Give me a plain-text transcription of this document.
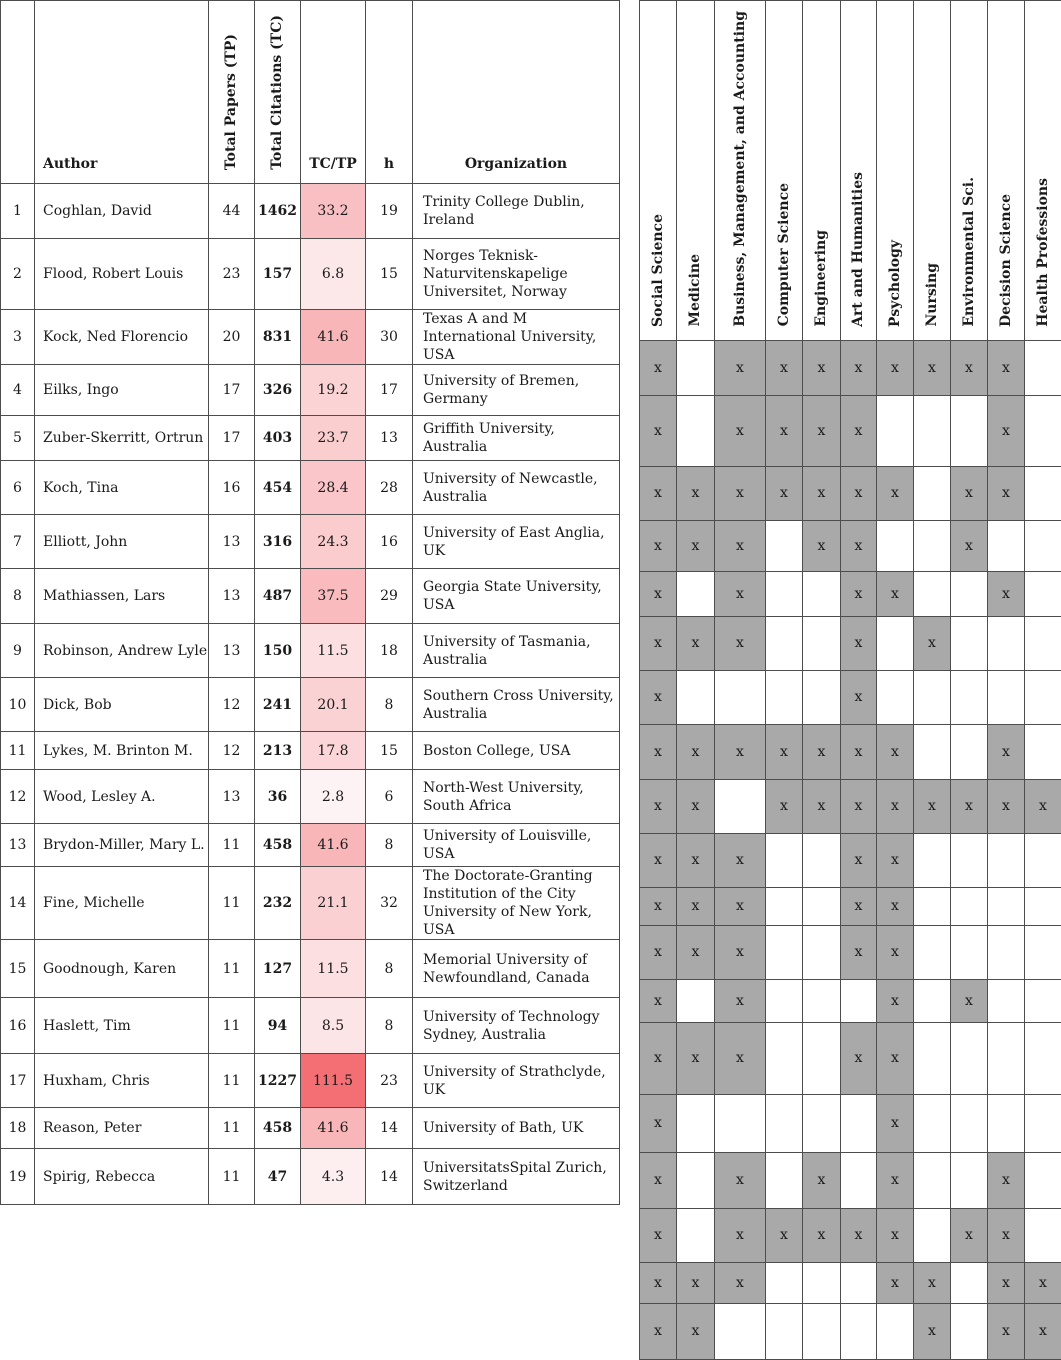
	Author	Total Papers (TP)	Total Citations (TC)	TC/TP	h	Organization
1	Coghlan, David	44	1462	33.2	19	Trinity College Dublin, Ireland
2	Flood, Robert Louis	23	157	6.8	15	Norges Teknisk-Naturvitenskapelige Universitet, Norway
3	Kock, Ned Florencio	20	831	41.6	30	Texas A and M International University, USA
4	Eilks, Ingo	17	326	19.2	17	University of Bremen, Germany
5	Zuber-Skerritt, Ortrun	17	403	23.7	13	Griffith University, Australia
6	Koch, Tina	16	454	28.4	28	University of Newcastle, Australia
7	Elliott, John	13	316	24.3	16	University of East Anglia, UK
8	Mathiassen, Lars	13	487	37.5	29	Georgia State University, USA
9	Robinson, Andrew Lyle	13	150	11.5	18	University of Tasmania, Australia
10	Dick, Bob	12	241	20.1	8	Southern Cross University, Australia
11	Lykes, M. Brinton M.	12	213	17.8	15	Boston College, USA
12	Wood, Lesley A.	13	36	2.8	6	North-West University, South Africa
13	Brydon-Miller, Mary L.	11	458	41.6	8	University of Louisville, USA
14	Fine, Michelle	11	232	21.1	32	The Doctorate-Granting Institution of the City University of New York, USA
15	Goodnough, Karen	11	127	11.5	8	Memorial University of Newfoundland, Canada
16	Haslett, Tim	11	94	8.5	8	University of Technology Sydney, Australia
17	Huxham, Chris	11	1227	111.5	23	University of Strathclyde, UK
18	Reason, Peter	11	458	41.6	14	University of Bath, UK
19	Spirig, Rebecca	11	47	4.3	14	UniversitatsSpital Zurich, Switzerland
Social Science	Medicine	Business, Management, and Accounting	Computer Science	Engineering	Art and Humanities	Psychology	Nursing	Environmental Sci.	Decision Science	Health Professions
x		x	x	x	x	x	x	x	x	
x		x	x	x	x				x	
x	x	x	x	x	x	x		x	x	
x	x	x		x	x			x		
x		x			x	x			x	
x	x	x			x		x			
x					x					
x	x	x	x	x	x	x			x	
x	x		x	x	x	x	x	x	x	x
x	x	x			x	x				
x	x	x			x	x				
x	x	x			x	x				
x		x				x		x		
x	x	x			x	x				
x						x				
x		x		x		x			x	
x		x	x	x	x	x		x	x	
x	x	x				x	x		x	x
x	x						x		x	x
